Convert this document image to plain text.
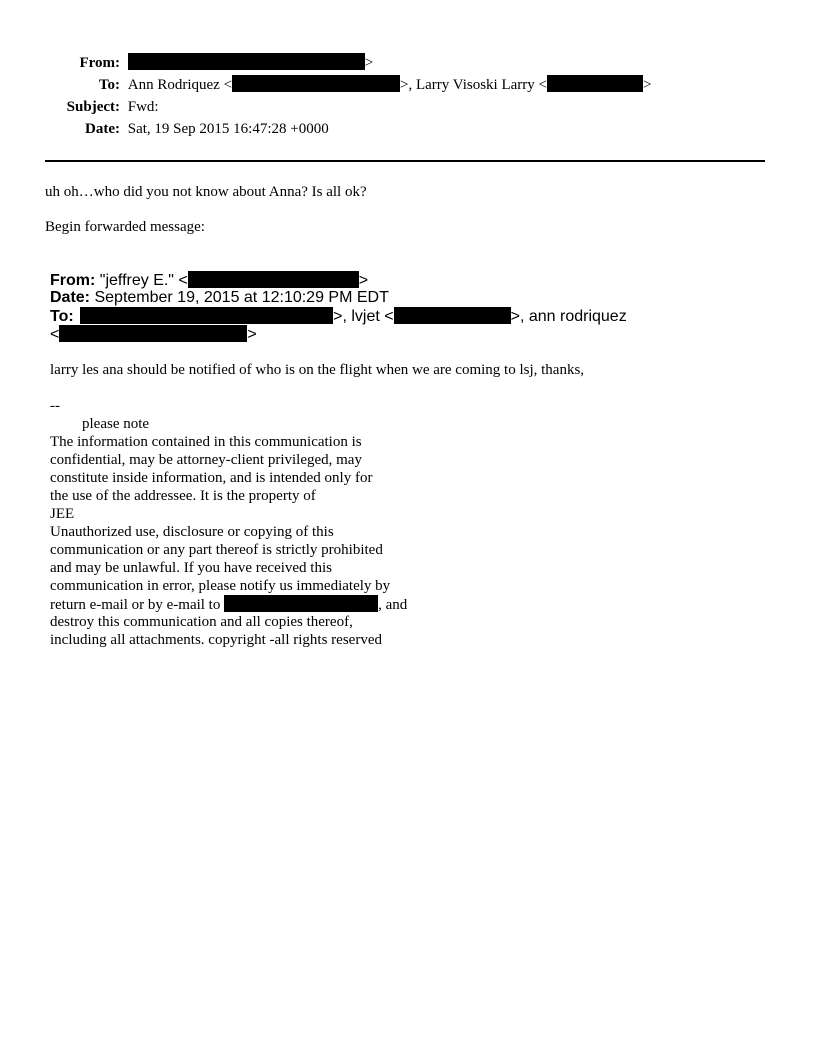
From:	>
To: Ann Rodriquez <	>, Larry Visoski Larry <	>
Subject: Fwd:
Date: Sat, 19 Sep 2015 16:47:28 +0000
uh oh…who did you not know about Anna? Is all ok?
Begin forwarded message:
From: "jeffrey E." <	>
Date: September 19, 2015 at 12:10:29 PM EDT
To:	>, lvjet <	>, ann rodriquez
<	>
larry les ana should be notified of who is on the flight when we are coming to lsj, thanks,
--
please note
The information contained in this communication is
confidential, may be attorney-client privileged, may
constitute inside information, and is intended only for
the use of the addressee. It is the property of
JEE
Unauthorized use, disclosure or copying of this
communication or any part thereof is strictly prohibited
and may be unlawful. If you have received this
communication in error, please notify us immediately by
return e-mail or by e-mail to	, and
destroy this communication and all copies thereof,
including all attachments. copyright -all rights reserved
